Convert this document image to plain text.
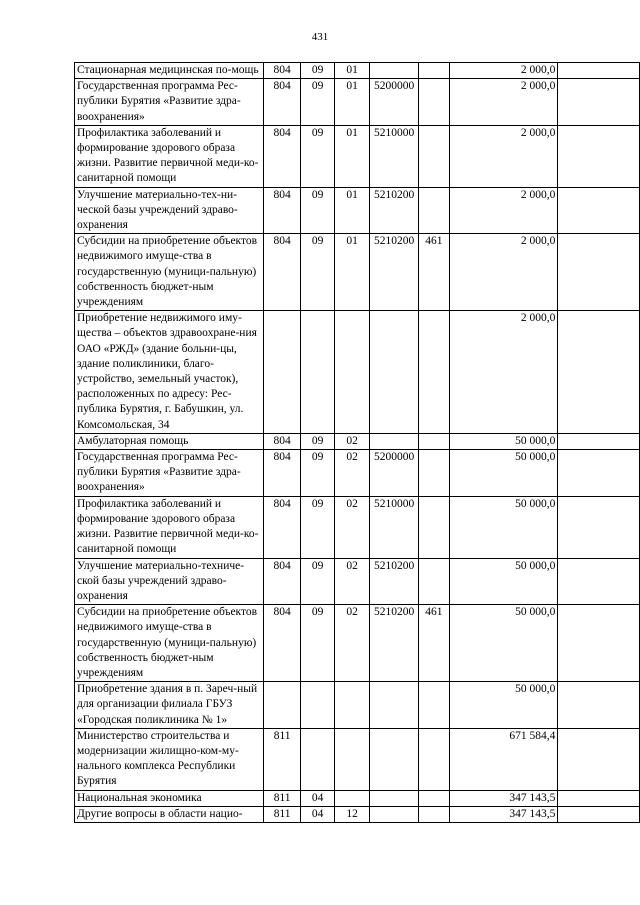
431
Стационарная медицинская по-мощь	804	09	01			2 000,0	
Государственная программа Рес-публики Бурятия «Развитие здра-воохранения»	804	09	01	5200000		2 000,0	
Профилактика заболеваний и формирование здорового образа жизни. Развитие первичной меди-ко-санитарной помощи	804	09	01	5210000		2 000,0	
Улучшение материально-тех-ни-ческой базы учреждений здраво-охранения	804	09	01	5210200		2 000,0	
Субсидии на приобретение объектов недвижимого имуще-ства в государственную (муници-пальную) собственность бюджет-ным учреждениям	804	09	01	5210200	461	2 000,0	
Приобретение недвижимого иму-щества – объектов здравоохране-ния ОАО «РЖД» (здание больни-цы, здание поликлиники, благо-устройство, земельный участок), расположенных по адресу: Рес-публика Бурятия, г. Бабушкин, ул. Комсомольская, 34						2 000,0	
Амбулаторная помощь	804	09	02			50 000,0	
Государственная программа Рес-публики Бурятия «Развитие здра-воохранения»	804	09	02	5200000		50 000,0	
Профилактика заболеваний и формирование здорового образа жизни. Развитие первичной меди-ко-санитарной помощи	804	09	02	5210000		50 000,0	
Улучшение материально-техниче-ской базы учреждений здраво-охранения	804	09	02	5210200		50 000,0	
Субсидии на приобретение объектов недвижимого имуще-ства в государственную (муници-пальную) собственность бюджет-ным учреждениям	804	09	02	5210200	461	50 000,0	
Приобретение здания в п. Зареч-ный для организации филиала ГБУЗ «Городская поликлиника № 1»						50 000,0	
Министерство строительства и модернизации жилищно-ком-му-нального комплекса Республики Бурятия	811					671 584,4	
Национальная экономика	811	04				347 143,5	
Другие вопросы в области нацио-	811	04	12			347 143,5	
